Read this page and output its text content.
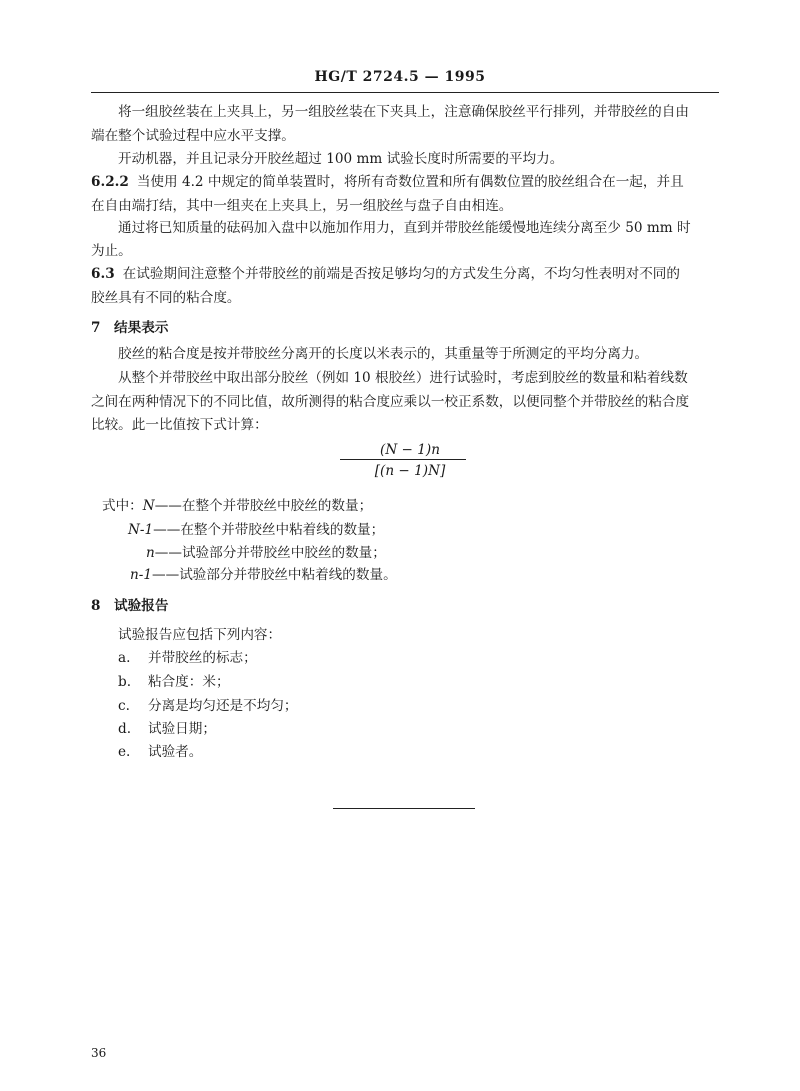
HG/T 2724.5 — 1995
将一组胶丝装在上夹具上，另一组胶丝装在下夹具上，注意确保胶丝平行排列，并带胶丝的自由
端在整个试验过程中应水平支撑。
开动机器，并且记录分开胶丝超过 100 mm 试验长度时所需要的平均力。
6.2.2 当使用 4.2 中规定的简单装置时，将所有奇数位置和所有偶数位置的胶丝组合在一起，并且
在自由端打结，其中一组夹在上夹具上，另一组胶丝与盘子自由相连。
通过将已知质量的砝码加入盘中以施加作用力，直到并带胶丝能缓慢地连续分离至少 50 mm 时
为止。
6.3 在试验期间注意整个并带胶丝的前端是否按足够均匀的方式发生分离，不均匀性表明对不同的
胶丝具有不同的粘合度。
7　结果表示
胶丝的粘合度是按并带胶丝分离开的长度以米表示的，其重量等于所测定的平均分离力。
从整个并带胶丝中取出部分胶丝（例如 10 根胶丝）进行试验时，考虑到胶丝的数量和粘着线数
之间在两种情况下的不同比值，故所测得的粘合度应乘以一校正系数，以便同整个并带胶丝的粘合度
比较。此一比值按下式计算：
(N − 1)n
[(n − 1)N]
式中：N——在整个并带胶丝中胶丝的数量；
N-1——在整个并带胶丝中粘着线的数量；
n——试验部分并带胶丝中胶丝的数量；
n-1——试验部分并带胶丝中粘着线的数量。
8　试验报告
试验报告应包括下列内容：
a. 并带胶丝的标志；
b. 粘合度：米；
c. 分离是均匀还是不均匀；
d. 试验日期；
e. 试验者。
36
